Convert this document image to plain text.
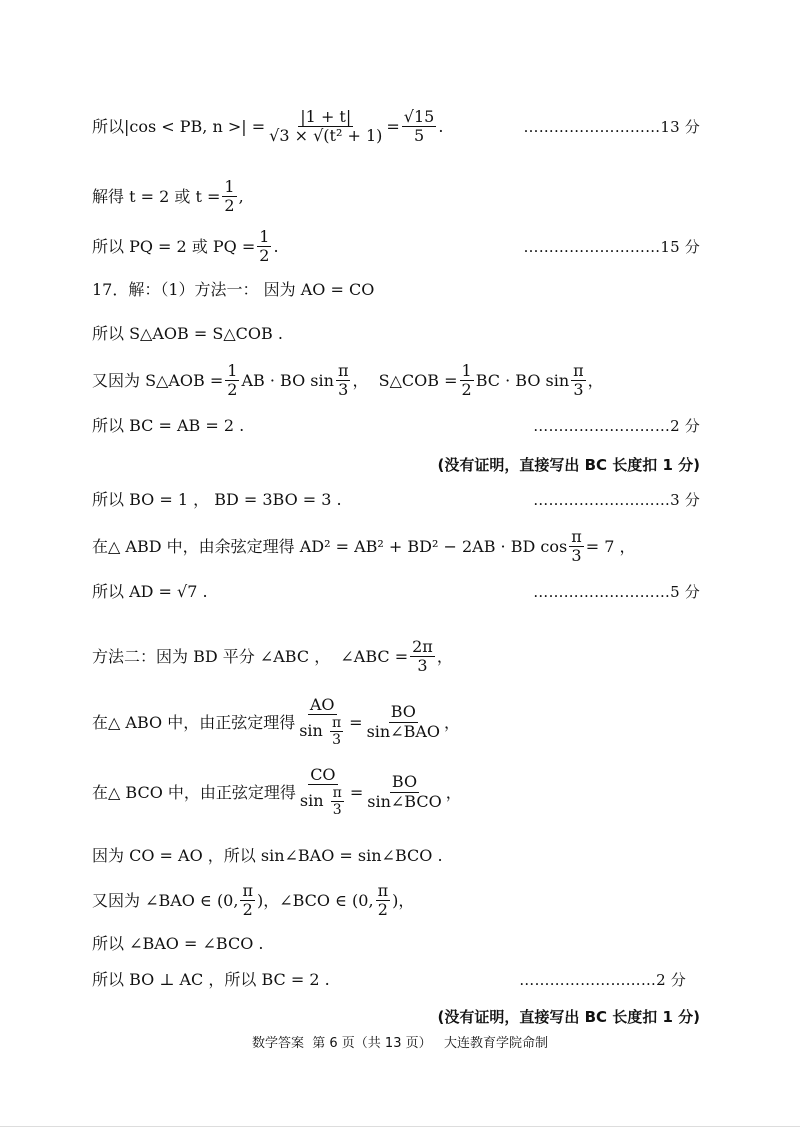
所以|cos < PB, n >| = $\frac{|1 + t|}{\text{√3 × √(t² + 1)}} = \frac{√15}{5}$ .	………………………13 分
解得 t = 2 或 $t = \frac{1}{2}$ ,
所以 PQ = 2 或 PQ = $\frac{1}{2}$ .	………………………15 分
17．解：（1）方法一： 因为 AO = CO
所以 S△AOB = S△COB .
又因为 S△AOB = $\frac{1}{2}$ AB · BO $\sin \frac{\pi}{3}$ ，  S△COB = $\frac{1}{2}$ BC · BO $\sin \frac{\pi}{3}$ ，
所以 BC = AB = 2 .	………………………2 分
(没有证明，直接写出 BC 长度扣 1 分)
所以 BO = 1 ， BD = 3BO = 3 .	………………………3 分
在△ ABD 中，由余弦定理得 AD² = AB² + BD² − 2AB · BD $\cos \frac{\pi}{3} = 7$ ，
所以 AD = √7 .	………………………5 分
方法二：因为 BD 平分 ∠ABC ，  ∠ABC = $\frac{2\pi}{3}$ ，
在△ ABO 中，由正弦定理得 $\frac{AO}{\sin \frac{\pi}{3}} = \frac{BO}{\text{sin∠BAO}}$ ，
在△ BCO 中，由正弦定理得 $\frac{CO}{\sin \frac{\pi}{3}} = \frac{BO}{\text{sin∠BCO}}$ ，
因为 CO = AO ，所以 sin∠BAO = sin∠BCO .
又因为 ∠BAO ∈ (0, $\frac{\pi}{2}$ )，∠BCO ∈ (0, $\frac{\pi}{2}$ )，
所以 ∠BAO = ∠BCO .
所以 BO ⊥ AC ，所以 BC = 2 .	………………………2 分
(没有证明，直接写出 BC 长度扣 1 分)
数学答案  第 6 页（共 13 页）   大连教育学院命制
